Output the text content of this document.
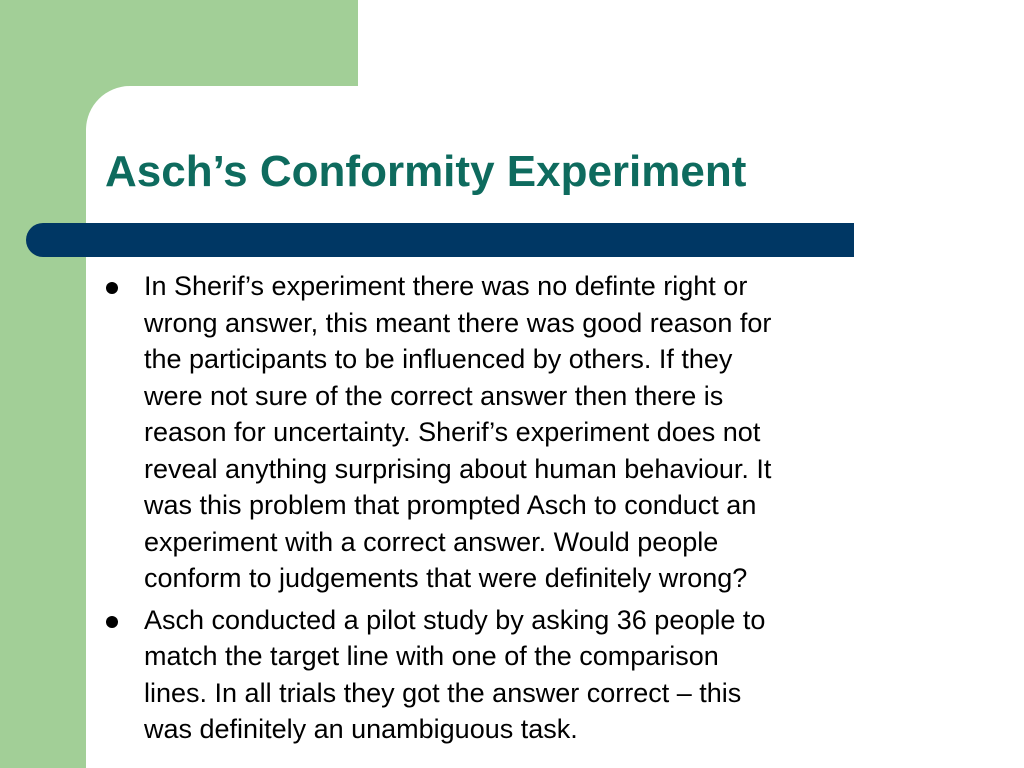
Asch’s Conformity Experiment
In Sherif’s experiment there was no definte right or
wrong answer, this meant there was good reason for
the participants to be influenced by others. If they
were not sure of the correct answer then there is
reason for uncertainty. Sherif’s experiment does not
reveal anything surprising about human behaviour. It
was this problem that prompted Asch to conduct an
experiment with a correct answer. Would people
conform to judgements that were definitely wrong?
Asch conducted a pilot study by asking 36 people to
match the target line with one of the comparison
lines. In all trials they got the answer correct – this
was definitely an unambiguous task.
